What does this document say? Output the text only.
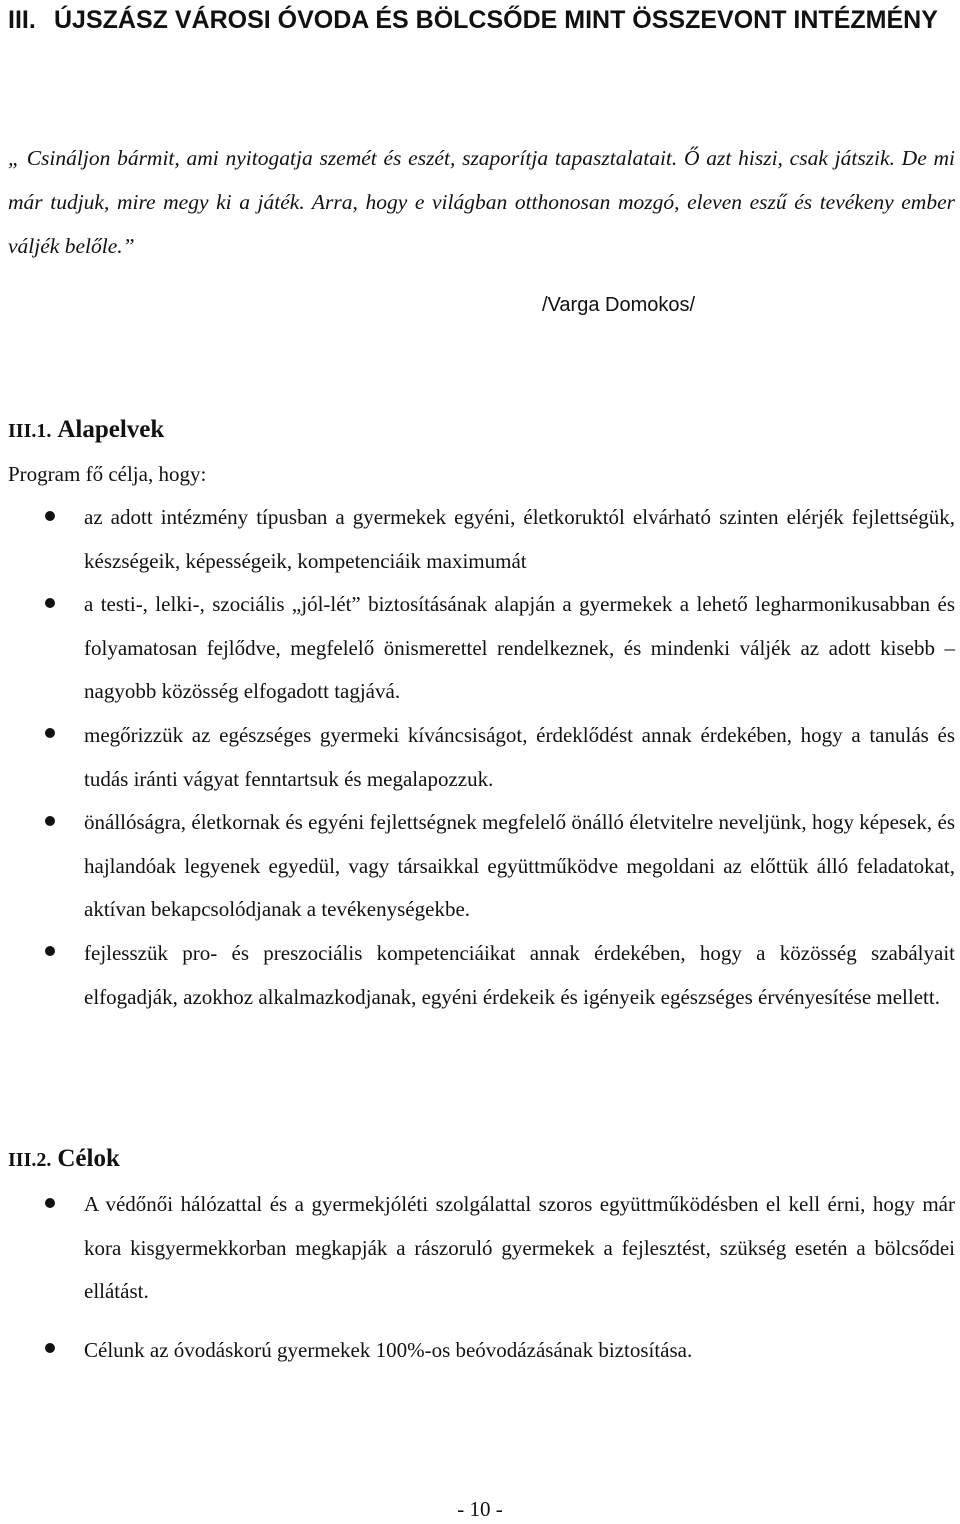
III. ÚJSZÁSZ VÁROSI ÓVODA ÉS BÖLCSŐDE MINT ÖSSZEVONT INTÉZMÉNY

„ Csináljon bármit, ami nyitogatja szemét és eszét, szaporítja tapasztalatait. Ő azt hiszi, csak játszik. De mi már tudjuk, mire megy ki a játék. Arra, hogy e világban otthonosan mozgó, eleven eszű és tevékeny ember váljék belőle.”

/Varga Domokos/

III.1. Alapelvek

Program fő célja, hogy:

az adott intézmény típusban a gyermekek egyéni, életkoruktól elvárható szinten elérjék fejlettségük, készségeik, képességeik, kompetenciáik maximumát
a testi-, lelki-, szociális „jól-lét” biztosításának alapján a gyermekek a lehető legharmonikusabban és folyamatosan fejlődve, megfelelő önismerettel rendelkeznek, és mindenki váljék az adott kisebb – nagyobb közösség elfogadott tagjává.
megőrizzük az egészséges gyermeki kíváncsiságot, érdeklődést annak érdekében, hogy a tanulás és tudás iránti vágyat fenntartsuk és megalapozzuk.
önállóságra, életkornak és egyéni fejlettségnek megfelelő önálló életvitelre neveljünk, hogy képesek, és hajlandóak legyenek egyedül, vagy társaikkal együttműködve megoldani az előttük álló feladatokat, aktívan bekapcsolódjanak a tevékenységekbe.
fejlesszük pro- és preszociális kompetenciáikat annak érdekében, hogy a közösség szabályait elfogadják, azokhoz alkalmazkodjanak, egyéni érdekeik és igényeik egészséges érvényesítése mellett.
III.2. Célok
A védőnői hálózattal és a gyermekjóléti szolgálattal szoros együttműködésben el kell érni, hogy már kora kisgyermekkorban megkapják a rászoruló gyermekek a fejlesztést, szükség esetén a bölcsődei ellátást.
Célunk az óvodáskorú gyermekek 100%-os beóvodázásának biztosítása.

- 10 -
